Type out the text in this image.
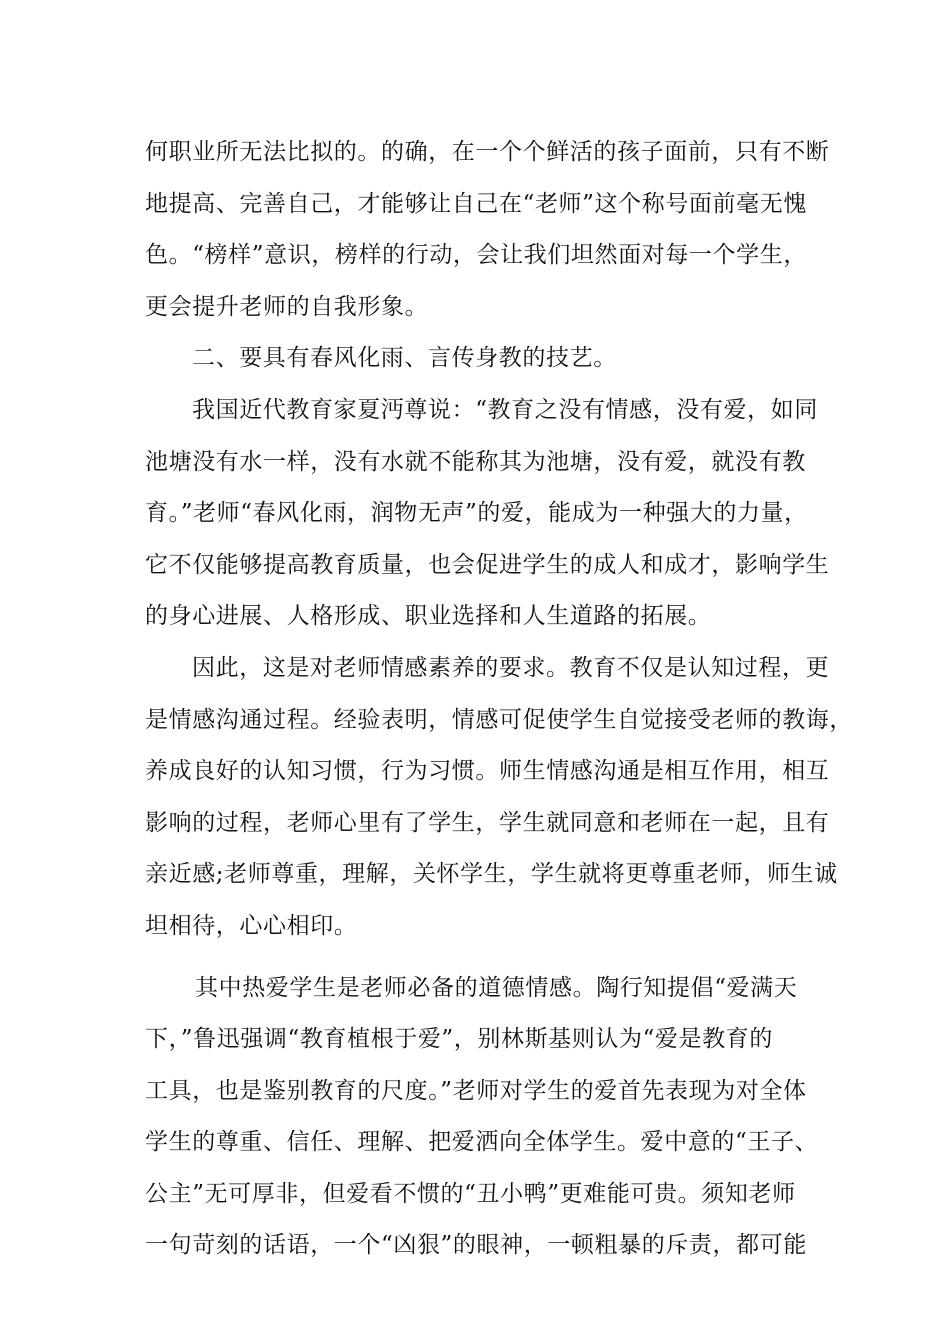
何职业所无法比拟的。的确，在一个个鲜活的孩子面前，只有不断
地提高、完善自己，才能够让自己在“老师”这个称号面前毫无愧
色。“榜样”意识，榜样的行动，会让我们坦然面对每一个学生，
更会提升老师的自我形象。
二、要具有春风化雨、言传身教的技艺。
我国近代教育家夏沔尊说：“教育之没有情感，没有爱，如同
池塘没有水一样，没有水就不能称其为池塘，没有爱，就没有教
育。”老师“春风化雨，润物无声”的爱，能成为一种强大的力量，
它不仅能够提高教育质量，也会促进学生的成人和成才，影响学生
的身心进展、人格形成、职业选择和人生道路的拓展。
因此，这是对老师情感素养的要求。教育不仅是认知过程，更
是情感沟通过程。经验表明，情感可促使学生自觉接受老师的教诲，
养成良好的认知习惯，行为习惯。师生情感沟通是相互作用，相互
影响的过程，老师心里有了学生，学生就同意和老师在一起，且有
亲近感;老师尊重，理解，关怀学生，学生就将更尊重老师，师生诚
坦相待，心心相印。
其中热爱学生是老师必备的道德情感。陶行知提倡“爱满天
下，”鲁迅强调“教育植根于爱”，别林斯基则认为“爱是教育的
工具，也是鉴别教育的尺度。”老师对学生的爱首先表现为对全体
学生的尊重、信任、理解、把爱洒向全体学生。爱中意的“王子、
公主”无可厚非，但爱看不惯的“丑小鸭”更难能可贵。须知老师
一句苛刻的话语，一个“凶狠”的眼神，一顿粗暴的斥责，都可能
